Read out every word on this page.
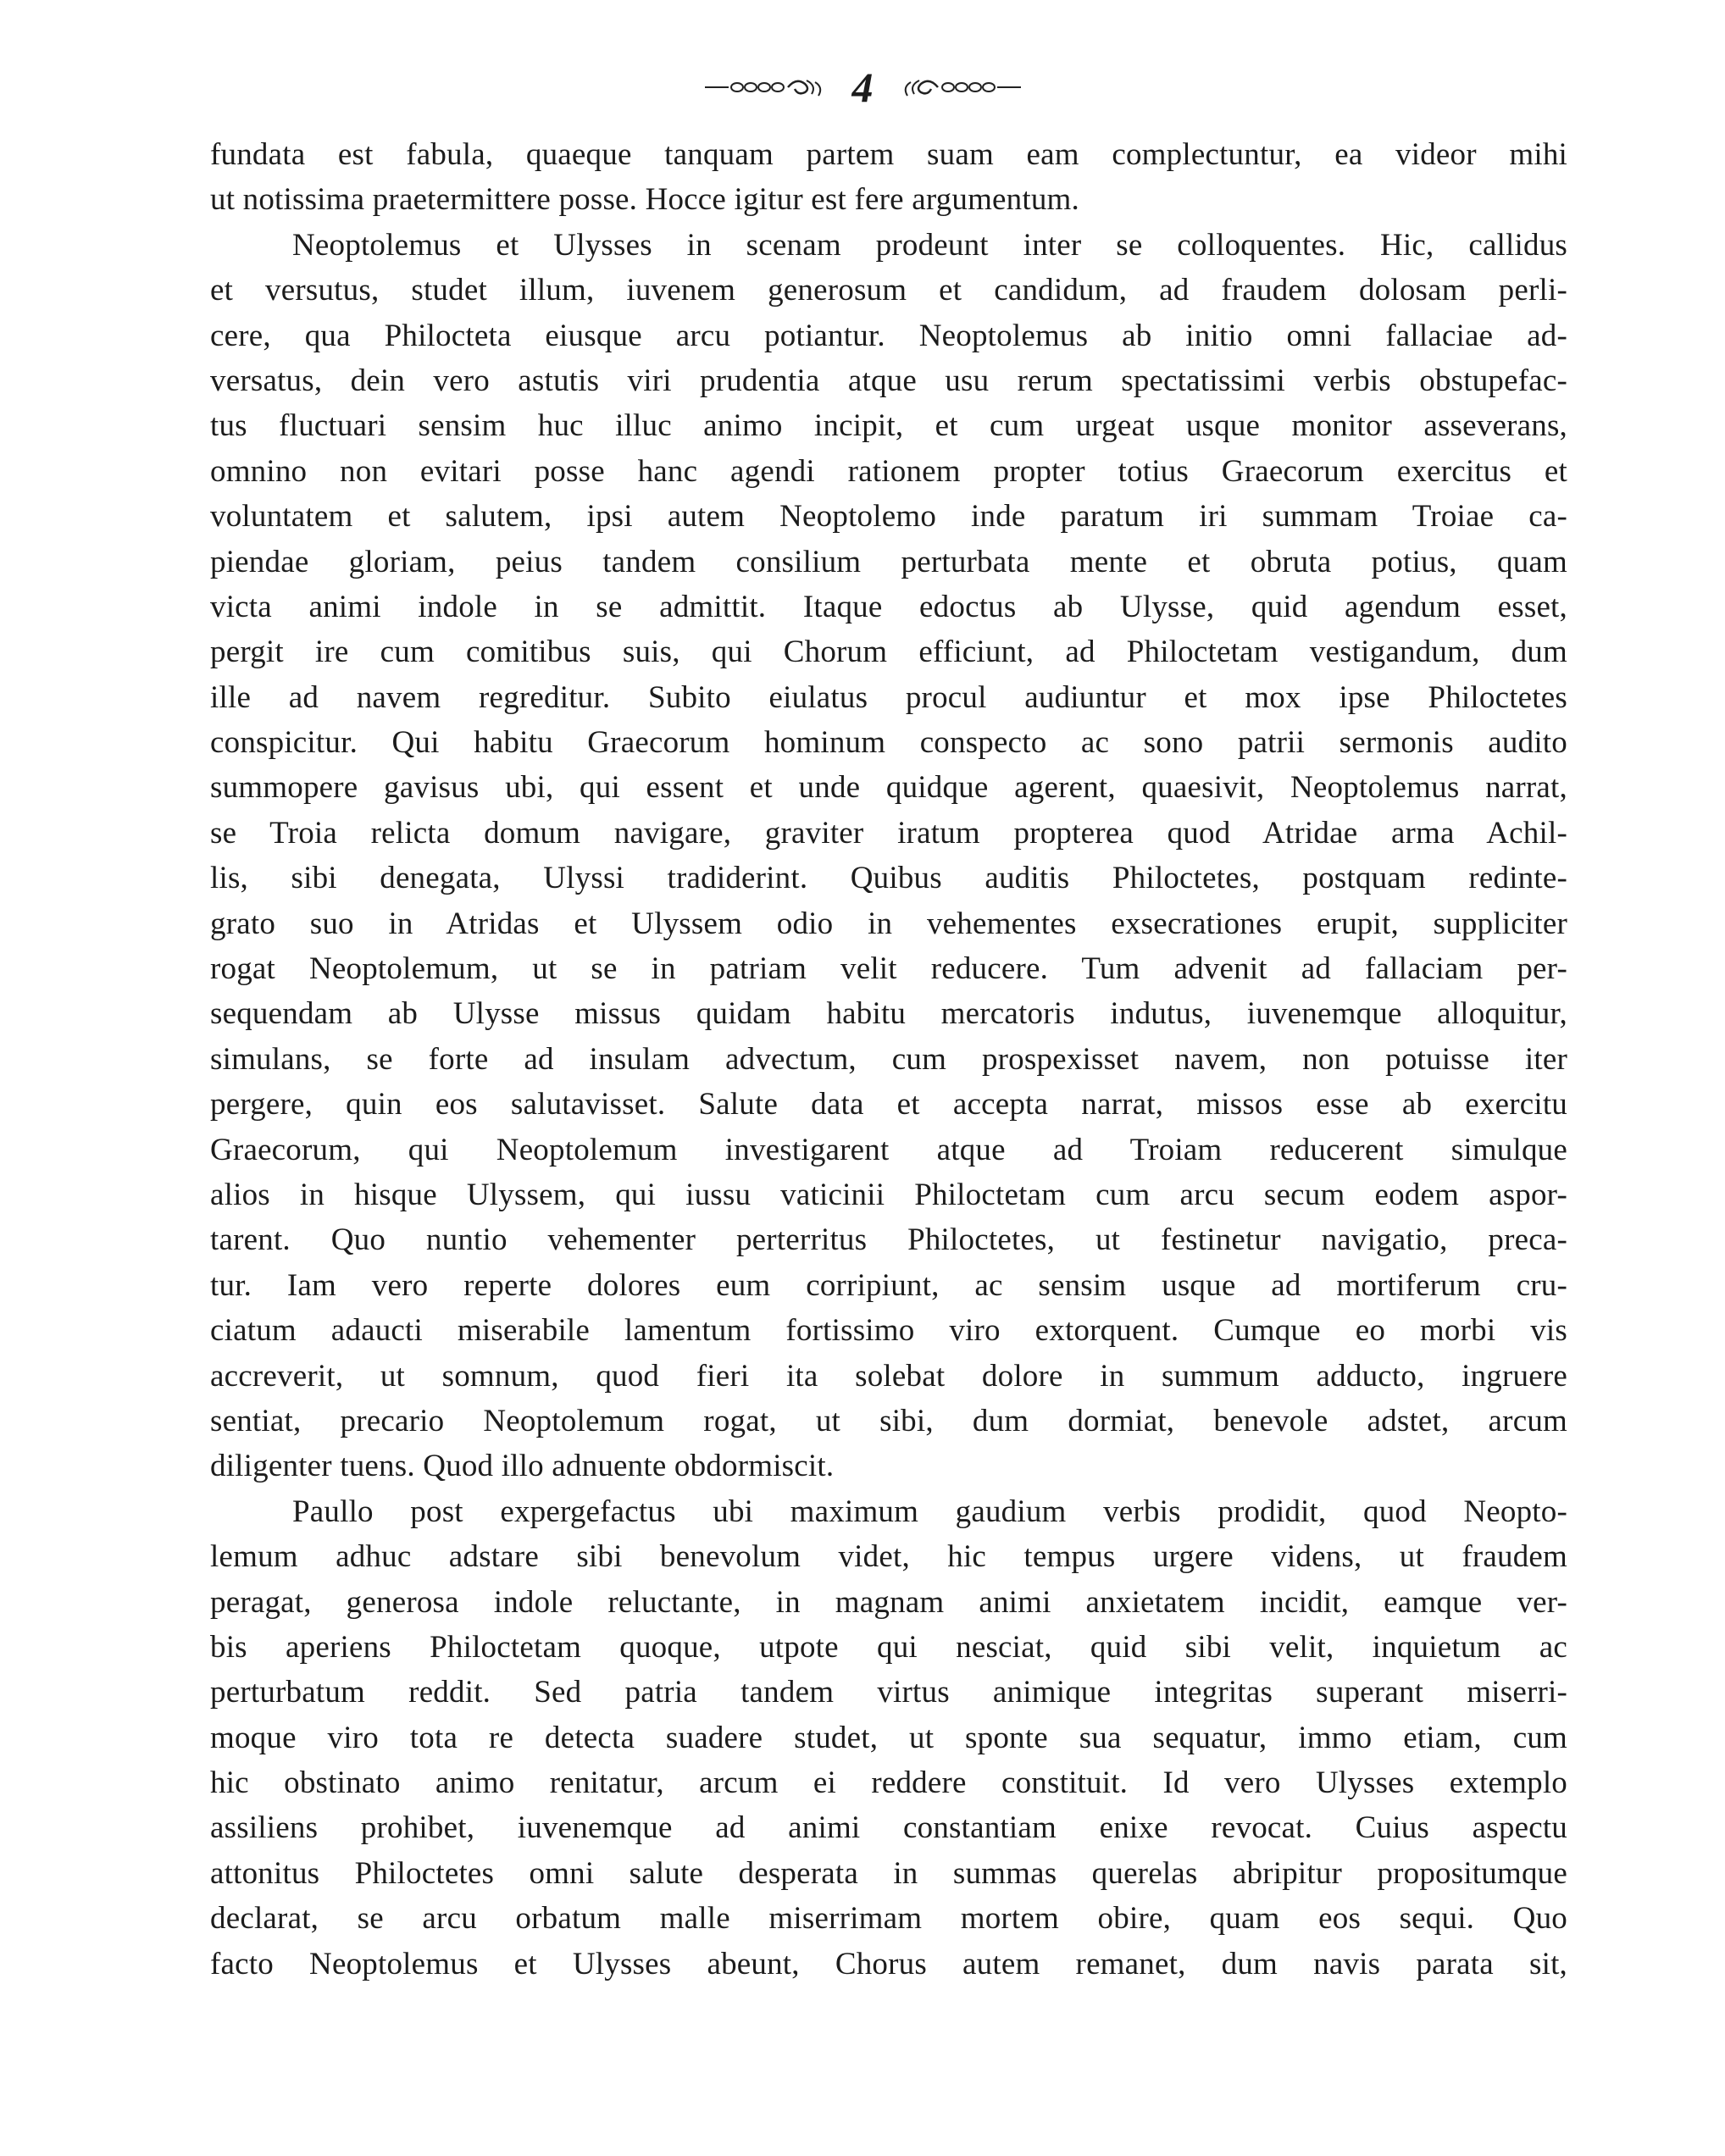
4
fundata est fabula, quaeque tanquam partem suam eam complectuntur, ea videor mihi
ut notissima praetermittere posse. Hocce igitur est fere argumentum.
Neoptolemus et Ulysses in scenam prodeunt inter se colloquentes. Hic, callidus
et versutus, studet illum, iuvenem generosum et candidum, ad fraudem dolosam perli-
cere, qua Philocteta eiusque arcu potiantur. Neoptolemus ab initio omni fallaciae ad-
versatus, dein vero astutis viri prudentia atque usu rerum spectatissimi verbis obstupefac-
tus fluctuari sensim huc illuc animo incipit, et cum urgeat usque monitor asseverans,
omnino non evitari posse hanc agendi rationem propter totius Graecorum exercitus et
voluntatem et salutem, ipsi autem Neoptolemo inde paratum iri summam Troiae ca-
piendae gloriam, peius tandem consilium perturbata mente et obruta potius, quam
victa animi indole in se admittit. Itaque edoctus ab Ulysse, quid agendum esset,
pergit ire cum comitibus suis, qui Chorum efficiunt, ad Philoctetam vestigandum, dum
ille ad navem regreditur. Subito eiulatus procul audiuntur et mox ipse Philoctetes
conspicitur. Qui habitu Graecorum hominum conspecto ac sono patrii sermonis audito
summopere gavisus ubi, qui essent et unde quidque agerent, quaesivit, Neoptolemus narrat,
se Troia relicta domum navigare, graviter iratum propterea quod Atridae arma Achil-
lis, sibi denegata, Ulyssi tradiderint. Quibus auditis Philoctetes, postquam redinte-
grato suo in Atridas et Ulyssem odio in vehementes exsecrationes erupit, suppliciter
rogat Neoptolemum, ut se in patriam velit reducere. Tum advenit ad fallaciam per-
sequendam ab Ulysse missus quidam habitu mercatoris indutus, iuvenemque alloquitur,
simulans, se forte ad insulam advectum, cum prospexisset navem, non potuisse iter
pergere, quin eos salutavisset. Salute data et accepta narrat, missos esse ab exercitu
Graecorum, qui Neoptolemum investigarent atque ad Troiam reducerent simulque
alios in hisque Ulyssem, qui iussu vaticinii Philoctetam cum arcu secum eodem aspor-
tarent. Quo nuntio vehementer perterritus Philoctetes, ut festinetur navigatio, preca-
tur. Iam vero reperte dolores eum corripiunt, ac sensim usque ad mortiferum cru-
ciatum adaucti miserabile lamentum fortissimo viro extorquent. Cumque eo morbi vis
accreverit, ut somnum, quod fieri ita solebat dolore in summum adducto, ingruere
sentiat, precario Neoptolemum rogat, ut sibi, dum dormiat, benevole adstet, arcum
diligenter tuens. Quod illo adnuente obdormiscit.
Paullo post expergefactus ubi maximum gaudium verbis prodidit, quod Neopto-
lemum adhuc adstare sibi benevolum videt, hic tempus urgere videns, ut fraudem
peragat, generosa indole reluctante, in magnam animi anxietatem incidit, eamque ver-
bis aperiens Philoctetam quoque, utpote qui nesciat, quid sibi velit, inquietum ac
perturbatum reddit. Sed patria tandem virtus animique integritas superant miserri-
moque viro tota re detecta suadere studet, ut sponte sua sequatur, immo etiam, cum
hic obstinato animo renitatur, arcum ei reddere constituit. Id vero Ulysses extemplo
assiliens prohibet, iuvenemque ad animi constantiam enixe revocat. Cuius aspectu
attonitus Philoctetes omni salute desperata in summas querelas abripitur propositumque
declarat, se arcu orbatum malle miserrimam mortem obire, quam eos sequi. Quo
facto Neoptolemus et Ulysses abeunt, Chorus autem remanet, dum navis parata sit,
